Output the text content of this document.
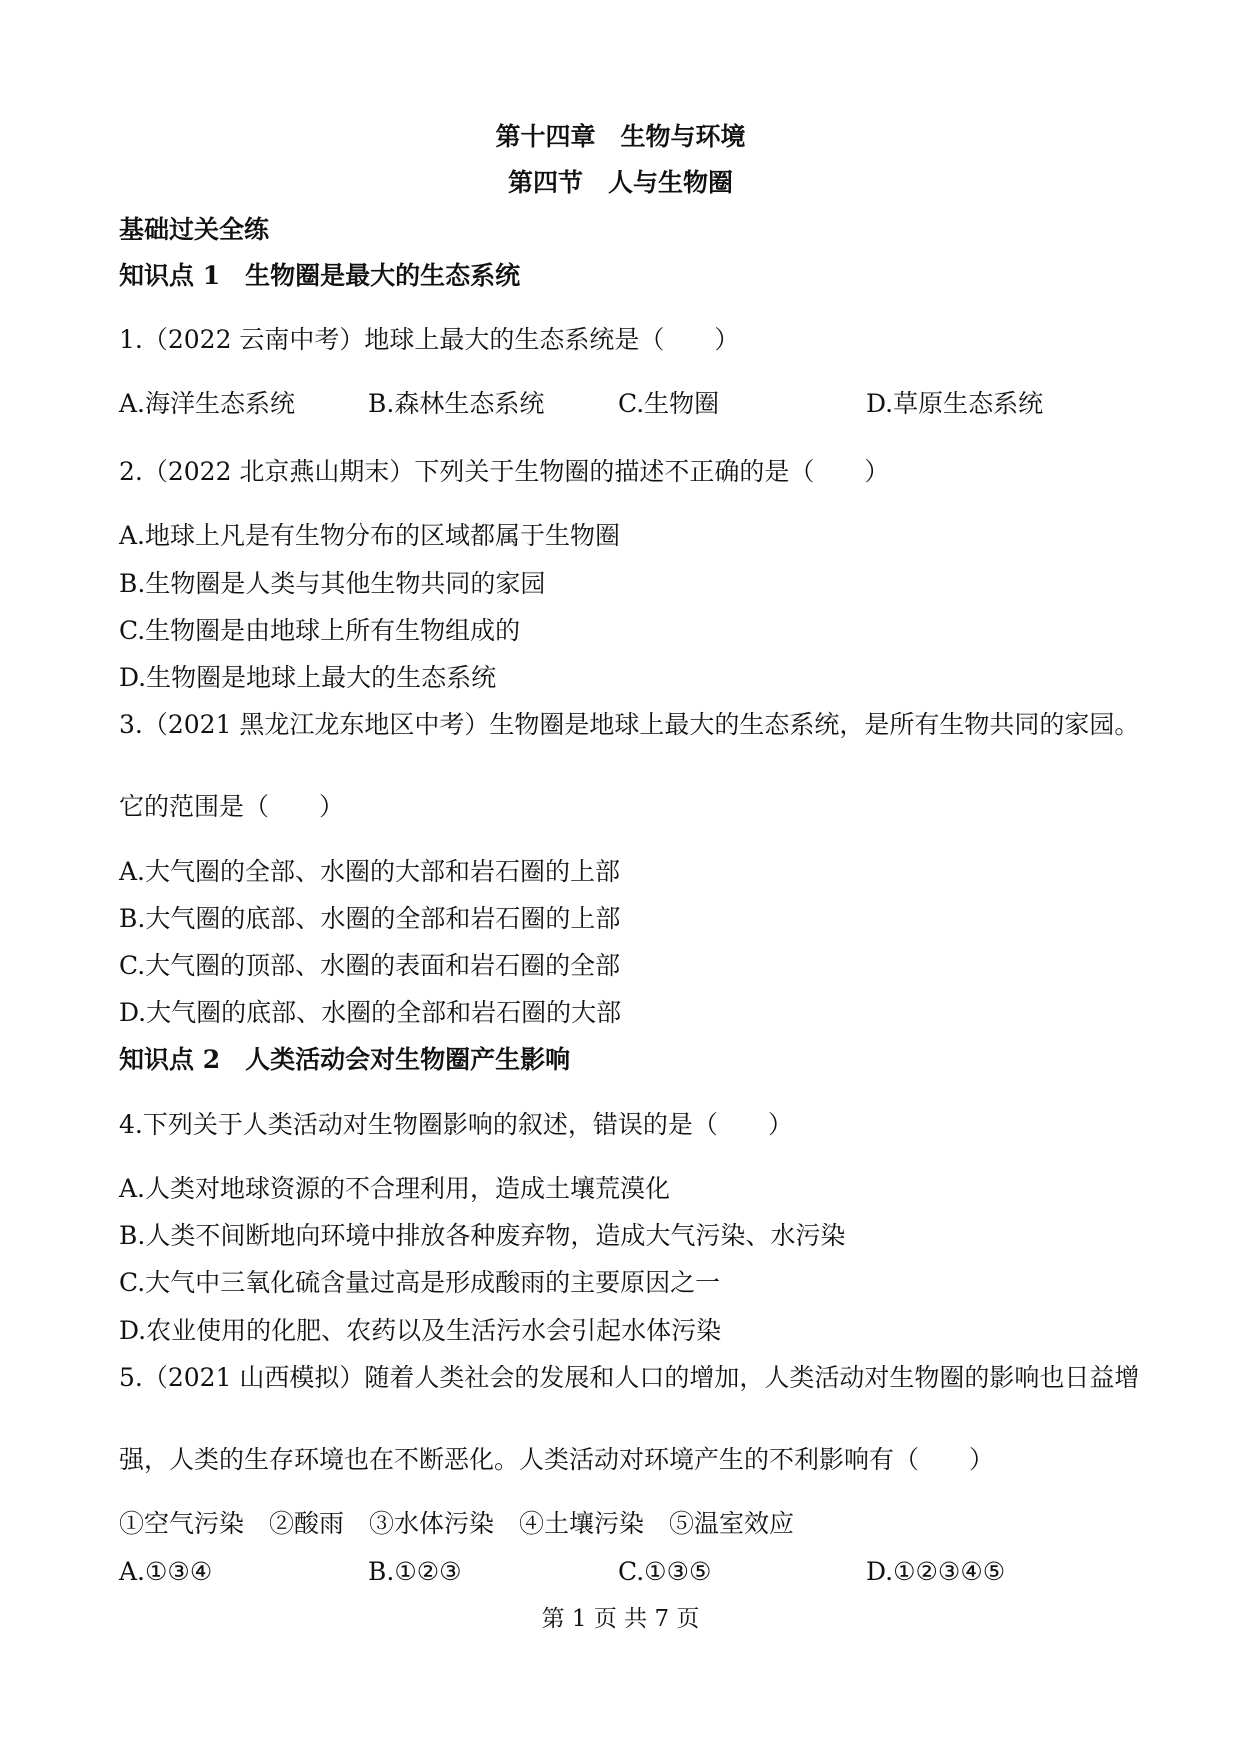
第十四章　生物与环境
第四节　人与生物圈
基础过关全练
知识点 1　生物圈是最大的生态系统
1.（2022 云南中考）地球上最大的生态系统是（　　）
A.海洋生态系统	B.森林生态系统	C.生物圈	D.草原生态系统
2.（2022 北京燕山期末）下列关于生物圈的描述不正确的是（　　）
A.地球上凡是有生物分布的区域都属于生物圈
B.生物圈是人类与其他生物共同的家园
C.生物圈是由地球上所有生物组成的
D.生物圈是地球上最大的生态系统
3.（2021 黑龙江龙东地区中考）生物圈是地球上最大的生态系统，是所有生物共同的家园。
它的范围是（　　）
A.大气圈的全部、水圈的大部和岩石圈的上部
B.大气圈的底部、水圈的全部和岩石圈的上部
C.大气圈的顶部、水圈的表面和岩石圈的全部
D.大气圈的底部、水圈的全部和岩石圈的大部
知识点 2　人类活动会对生物圈产生影响
4.下列关于人类活动对生物圈影响的叙述，错误的是（　　）
A.人类对地球资源的不合理利用，造成土壤荒漠化
B.人类不间断地向环境中排放各种废弃物，造成大气污染、水污染
C.大气中三氧化硫含量过高是形成酸雨的主要原因之一
D.农业使用的化肥、农药以及生活污水会引起水体污染
5.（2021 山西模拟）随着人类社会的发展和人口的增加，人类活动对生物圈的影响也日益增
强，人类的生存环境也在不断恶化。人类活动对环境产生的不利影响有（　　）
①空气污染　②酸雨　③水体污染　④土壤污染　⑤温室效应
A.①③④	B.①②③	C.①③⑤	D.①②③④⑤
第 1 页 共 7 页
